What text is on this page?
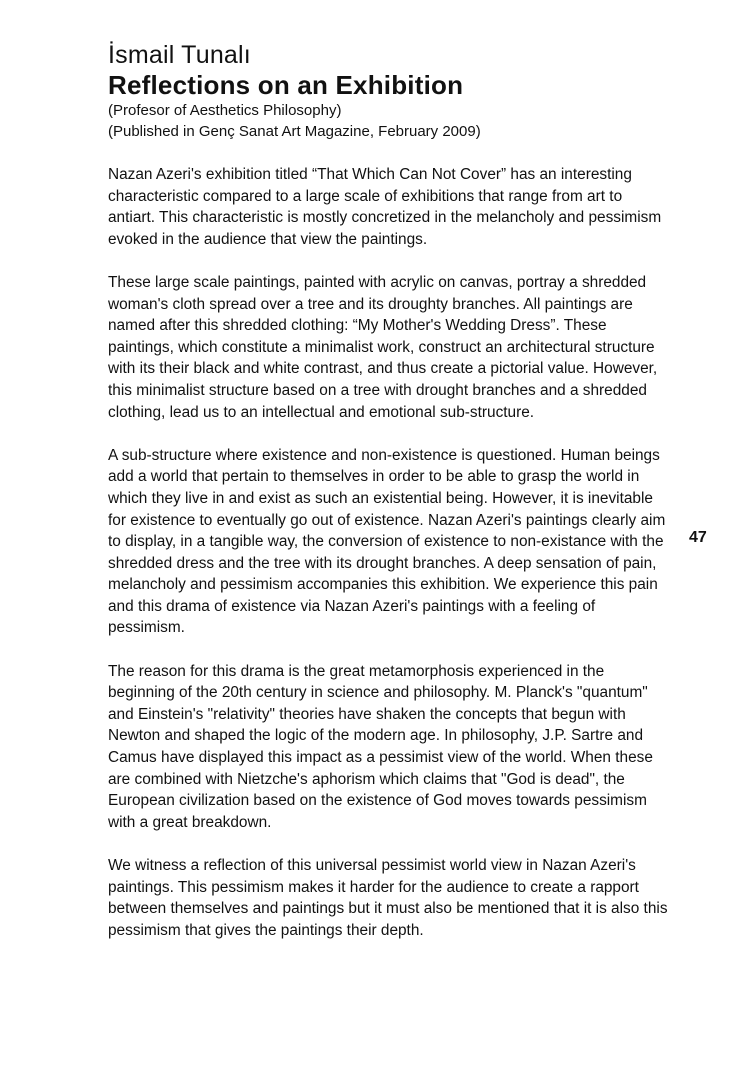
İsmail Tunalı

Reflections on an Exhibition

(Profesor of Aesthetics Philosophy)

(Published in Genç Sanat Art Magazine, February 2009)

Nazan Azeri's exhibition titled “That Which Can Not Cover” has an interesting characteristic compared to a large scale of exhibitions that range from art to antiart. This characteristic is mostly concretized in the melancholy and pessimism evoked in the audience that view the paintings.

These large scale paintings, painted with acrylic on canvas, portray a shredded woman's cloth spread over a tree and its droughty branches. All paintings are named after this shredded clothing: “My Mother's Wedding Dress”. These paintings, which constitute a minimalist work, construct an architectural structure with its their black and white contrast, and thus create a pictorial value. However, this minimalist structure based on a tree with drought branches and a shredded clothing, lead us to an intellectual and emotional sub-structure.

A sub-structure where existence and non-existence is questioned. Human beings add a world that pertain to themselves in order to be able to grasp the world in which they live in and exist as such an existential being. However, it is inevitable for existence to eventually go out of existence. Nazan Azeri's paintings clearly aim to display, in a tangible way, the conversion of existence to non-existance with the shredded dress and the tree with its drought branches. A deep sensation of pain, melancholy and pessimism accompanies this exhibition. We experience this pain and this drama of existence via Nazan Azeri's paintings with a feeling of pessimism.

The reason for this drama is the great metamorphosis experienced in the beginning of the 20th century in science and philosophy. M. Planck's "quantum" and Einstein's "relativity" theories have shaken the concepts that begun with Newton and shaped the logic of the modern age. In philosophy, J.P. Sartre and Camus have displayed this impact as a pessimist view of the world. When these are combined with Nietzche's aphorism which claims that "God is dead", the European civilization based on the existence of God moves towards pessimism with a great breakdown.

We witness a reflection of this universal pessimist world view in Nazan Azeri's paintings. This pessimism makes it harder for the audience to create a rapport between themselves and paintings but it must also be mentioned that it is also this pessimism that gives the paintings their depth.

47
